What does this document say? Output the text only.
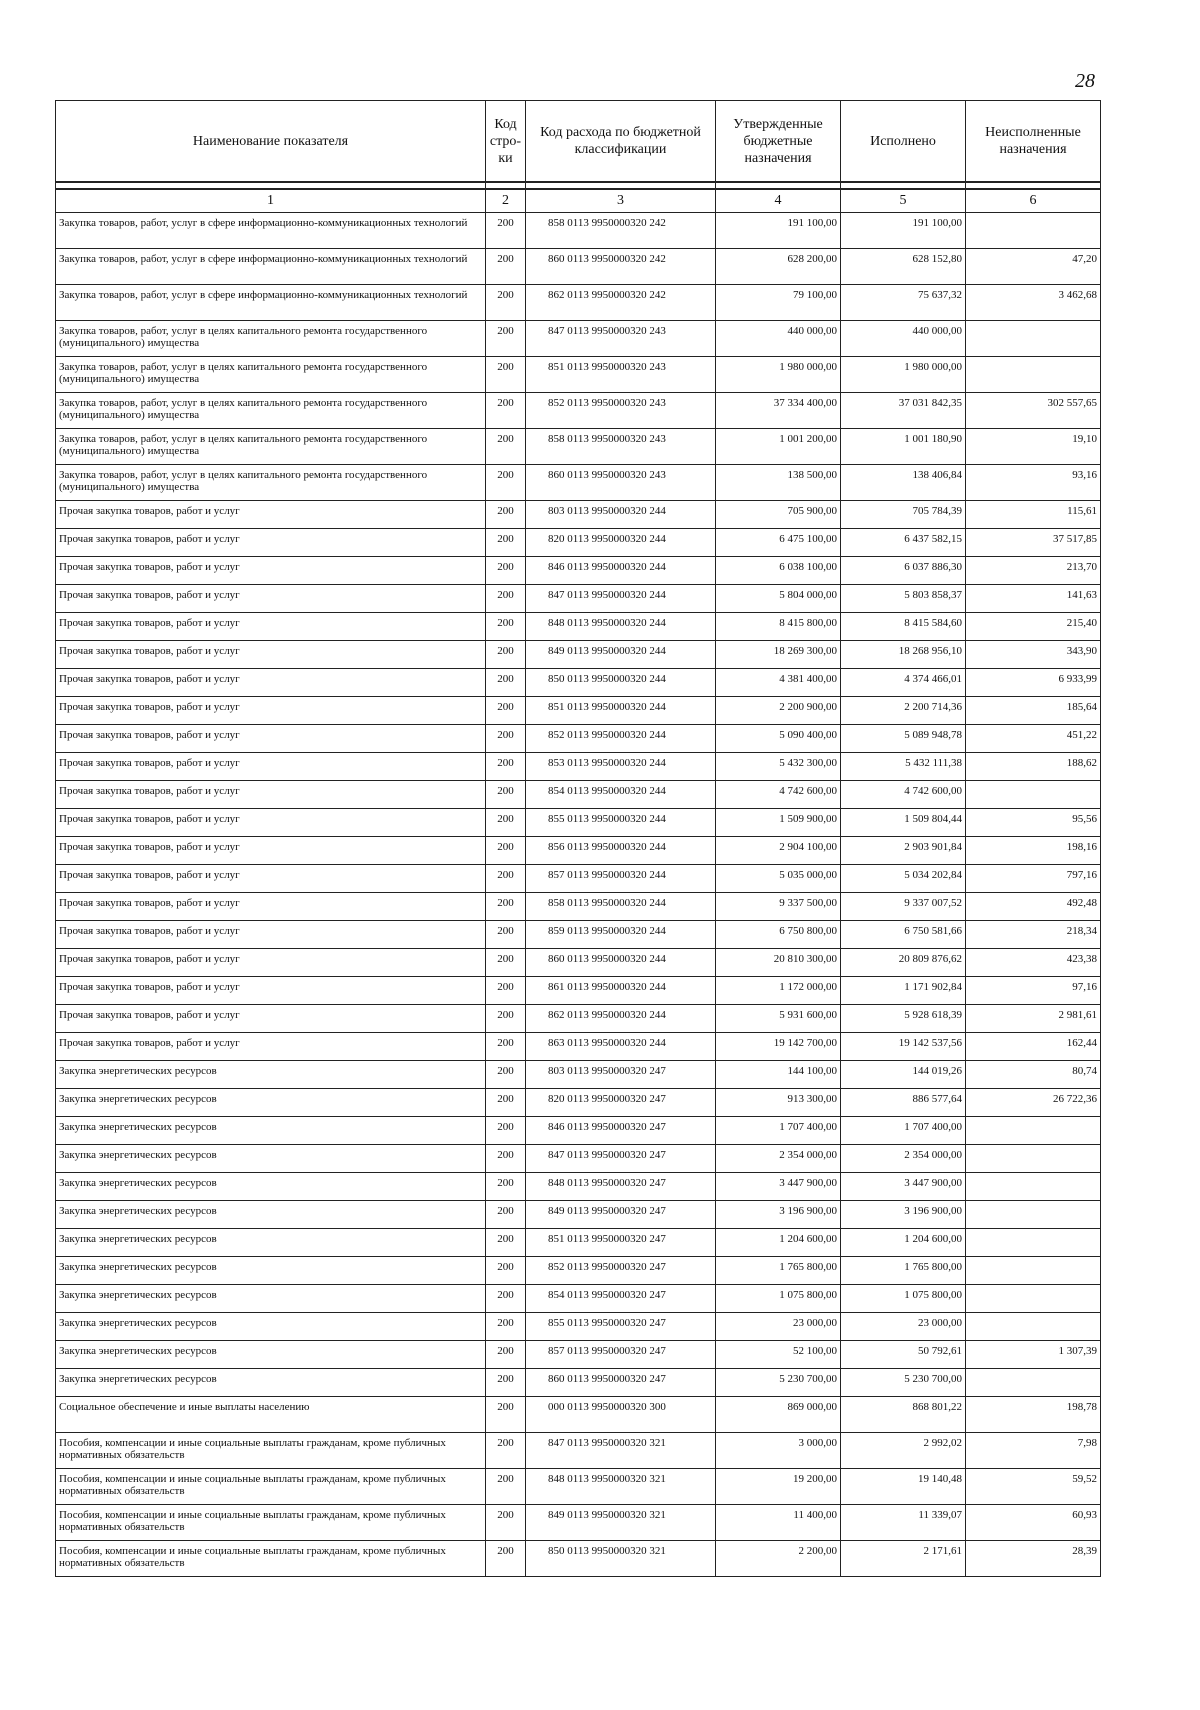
28
Наименование показателя	Код стро-ки	Код расхода по бюджетной классификации	Утвержденные бюджетные назначения	Исполнено	Неисполненные назначения

1	2	3	4	5	6
Закупка товаров, работ, услуг в сфере информационно-коммуникационных технологий	200	858 0113 9950000320 242	191 100,00	191 100,00	
Закупка товаров, работ, услуг в сфере информационно-коммуникационных технологий	200	860 0113 9950000320 242	628 200,00	628 152,80	47,20
Закупка товаров, работ, услуг в сфере информационно-коммуникационных технологий	200	862 0113 9950000320 242	79 100,00	75 637,32	3 462,68
Закупка товаров, работ, услуг в целях капитального ремонта государственного (муниципального) имущества	200	847 0113 9950000320 243	440 000,00	440 000,00	
Закупка товаров, работ, услуг в целях капитального ремонта государственного (муниципального) имущества	200	851 0113 9950000320 243	1 980 000,00	1 980 000,00	
Закупка товаров, работ, услуг в целях капитального ремонта государственного (муниципального) имущества	200	852 0113 9950000320 243	37 334 400,00	37 031 842,35	302 557,65
Закупка товаров, работ, услуг в целях капитального ремонта государственного (муниципального) имущества	200	858 0113 9950000320 243	1 001 200,00	1 001 180,90	19,10
Закупка товаров, работ, услуг в целях капитального ремонта государственного (муниципального) имущества	200	860 0113 9950000320 243	138 500,00	138 406,84	93,16
Прочая закупка товаров, работ и услуг	200	803 0113 9950000320 244	705 900,00	705 784,39	115,61
Прочая закупка товаров, работ и услуг	200	820 0113 9950000320 244	6 475 100,00	6 437 582,15	37 517,85
Прочая закупка товаров, работ и услуг	200	846 0113 9950000320 244	6 038 100,00	6 037 886,30	213,70
Прочая закупка товаров, работ и услуг	200	847 0113 9950000320 244	5 804 000,00	5 803 858,37	141,63
Прочая закупка товаров, работ и услуг	200	848 0113 9950000320 244	8 415 800,00	8 415 584,60	215,40
Прочая закупка товаров, работ и услуг	200	849 0113 9950000320 244	18 269 300,00	18 268 956,10	343,90
Прочая закупка товаров, работ и услуг	200	850 0113 9950000320 244	4 381 400,00	4 374 466,01	6 933,99
Прочая закупка товаров, работ и услуг	200	851 0113 9950000320 244	2 200 900,00	2 200 714,36	185,64
Прочая закупка товаров, работ и услуг	200	852 0113 9950000320 244	5 090 400,00	5 089 948,78	451,22
Прочая закупка товаров, работ и услуг	200	853 0113 9950000320 244	5 432 300,00	5 432 111,38	188,62
Прочая закупка товаров, работ и услуг	200	854 0113 9950000320 244	4 742 600,00	4 742 600,00	
Прочая закупка товаров, работ и услуг	200	855 0113 9950000320 244	1 509 900,00	1 509 804,44	95,56
Прочая закупка товаров, работ и услуг	200	856 0113 9950000320 244	2 904 100,00	2 903 901,84	198,16
Прочая закупка товаров, работ и услуг	200	857 0113 9950000320 244	5 035 000,00	5 034 202,84	797,16
Прочая закупка товаров, работ и услуг	200	858 0113 9950000320 244	9 337 500,00	9 337 007,52	492,48
Прочая закупка товаров, работ и услуг	200	859 0113 9950000320 244	6 750 800,00	6 750 581,66	218,34
Прочая закупка товаров, работ и услуг	200	860 0113 9950000320 244	20 810 300,00	20 809 876,62	423,38
Прочая закупка товаров, работ и услуг	200	861 0113 9950000320 244	1 172 000,00	1 171 902,84	97,16
Прочая закупка товаров, работ и услуг	200	862 0113 9950000320 244	5 931 600,00	5 928 618,39	2 981,61
Прочая закупка товаров, работ и услуг	200	863 0113 9950000320 244	19 142 700,00	19 142 537,56	162,44
Закупка энергетических ресурсов	200	803 0113 9950000320 247	144 100,00	144 019,26	80,74
Закупка энергетических ресурсов	200	820 0113 9950000320 247	913 300,00	886 577,64	26 722,36
Закупка энергетических ресурсов	200	846 0113 9950000320 247	1 707 400,00	1 707 400,00	
Закупка энергетических ресурсов	200	847 0113 9950000320 247	2 354 000,00	2 354 000,00	
Закупка энергетических ресурсов	200	848 0113 9950000320 247	3 447 900,00	3 447 900,00	
Закупка энергетических ресурсов	200	849 0113 9950000320 247	3 196 900,00	3 196 900,00	
Закупка энергетических ресурсов	200	851 0113 9950000320 247	1 204 600,00	1 204 600,00	
Закупка энергетических ресурсов	200	852 0113 9950000320 247	1 765 800,00	1 765 800,00	
Закупка энергетических ресурсов	200	854 0113 9950000320 247	1 075 800,00	1 075 800,00	
Закупка энергетических ресурсов	200	855 0113 9950000320 247	23 000,00	23 000,00	
Закупка энергетических ресурсов	200	857 0113 9950000320 247	52 100,00	50 792,61	1 307,39
Закупка энергетических ресурсов	200	860 0113 9950000320 247	5 230 700,00	5 230 700,00	
Социальное обеспечение и иные выплаты населению	200	000 0113 9950000320 300	869 000,00	868 801,22	198,78
Пособия, компенсации и иные социальные выплаты гражданам, кроме публичных нормативных обязательств	200	847 0113 9950000320 321	3 000,00	2 992,02	7,98
Пособия, компенсации и иные социальные выплаты гражданам, кроме публичных нормативных обязательств	200	848 0113 9950000320 321	19 200,00	19 140,48	59,52
Пособия, компенсации и иные социальные выплаты гражданам, кроме публичных нормативных обязательств	200	849 0113 9950000320 321	11 400,00	11 339,07	60,93
Пособия, компенсации и иные социальные выплаты гражданам, кроме публичных нормативных обязательств	200	850 0113 9950000320 321	2 200,00	2 171,61	28,39
